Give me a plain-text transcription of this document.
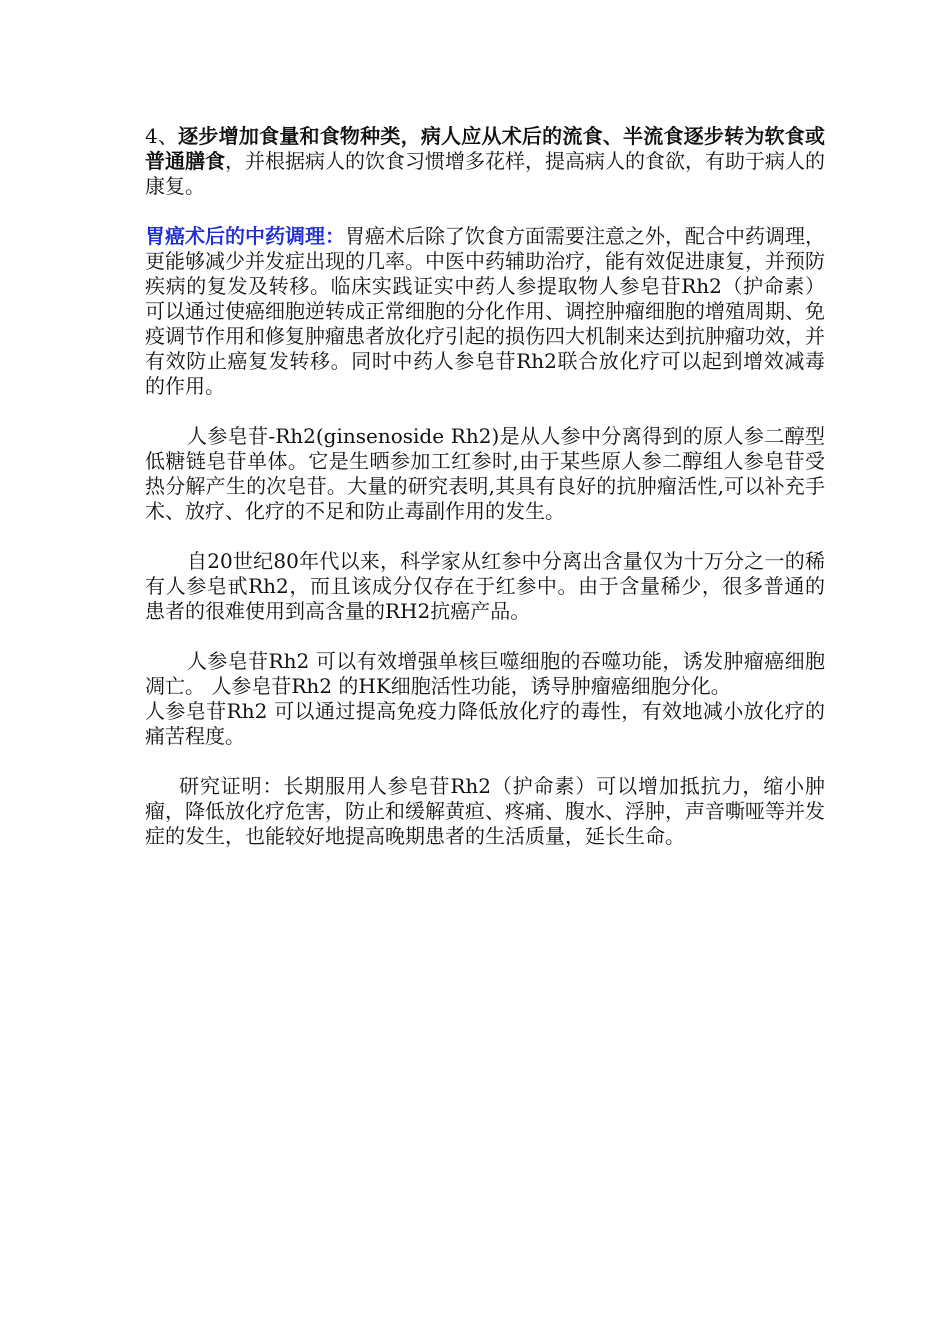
4、逐步增加食量和食物种类，病人应从术后的流食、半流食逐步转为软食或普通膳食，并根据病人的饮食习惯增多花样，提高病人的食欲，有助于病人的康复。

胃癌术后的中药调理：胃癌术后除了饮食方面需要注意之外，配合中药调理，更能够减少并发症出现的几率。中医中药辅助治疗，能有效促进康复，并预防疾病的复发及转移。临床实践证实中药人参提取物人参皂苷Rh2（护命素）可以通过使癌细胞逆转成正常细胞的分化作用、调控肿瘤细胞的增殖周期、免疫调节作用和修复肿瘤患者放化疗引起的损伤四大机制来达到抗肿瘤功效，并有效防止癌复发转移。同时中药人参皂苷Rh2联合放化疗可以起到增效减毒的作用。

人参皂苷-Rh2(ginsenoside Rh2)是从人参中分离得到的原人参二醇型低糖链皂苷单体。它是生晒参加工红参时,由于某些原人参二醇组人参皂苷受热分解产生的次皂苷。大量的研究表明,其具有良好的抗肿瘤活性,可以补充手术、放疗、化疗的不足和防止毒副作用的发生。

自20世纪80年代以来，科学家从红参中分离出含量仅为十万分之一的稀有人参皂甙Rh2，而且该成分仅存在于红参中。由于含量稀少，很多普通的患者的很难使用到高含量的RH2抗癌产品。

人参皂苷Rh2 可以有效增强单核巨噬细胞的吞噬功能，诱发肿瘤癌细胞凋亡。 人参皂苷Rh2 的HK细胞活性功能，诱导肿瘤癌细胞分化。

人参皂苷Rh2 可以通过提高免疫力降低放化疗的毒性，有效地减小放化疗的痛苦程度。

研究证明：长期服用人参皂苷Rh2（护命素）可以增加抵抗力，缩小肿瘤，降低放化疗危害，防止和缓解黄疸、疼痛、腹水、浮肿，声音嘶哑等并发症的发生，也能较好地提高晚期患者的生活质量，延长生命。
